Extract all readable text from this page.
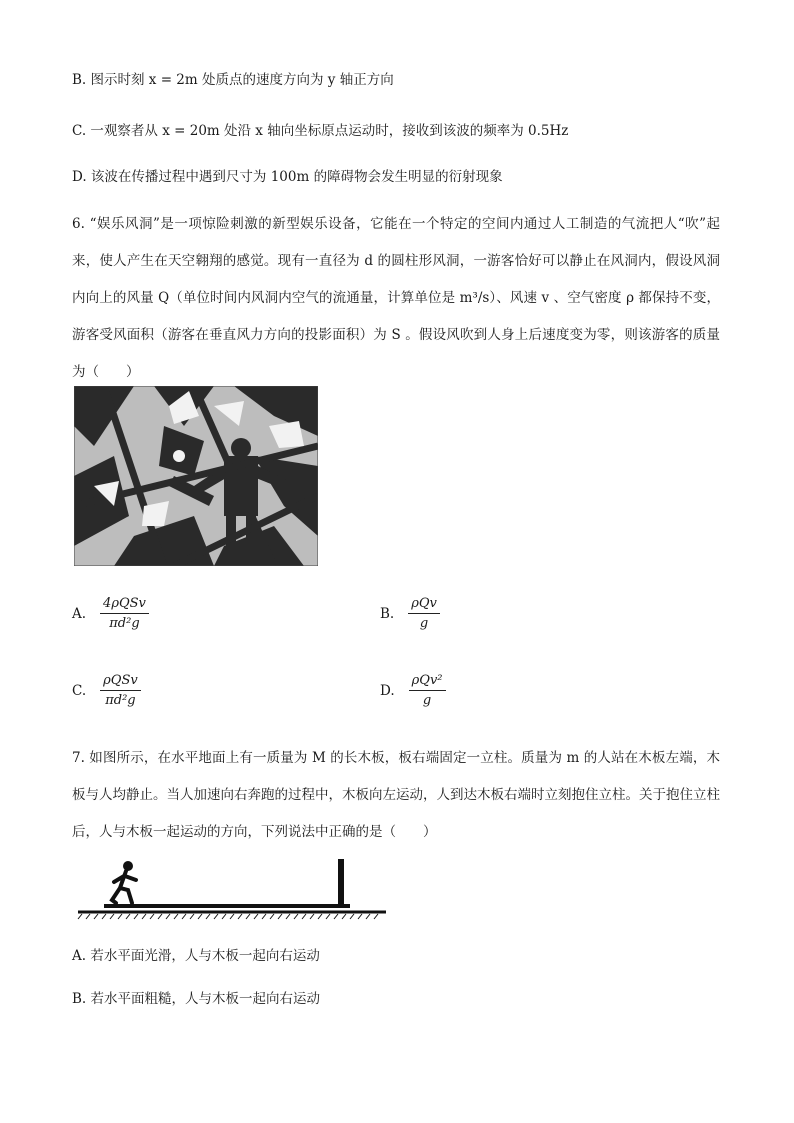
B. 图示时刻 x = 2m 处质点的速度方向为 y 轴正方向
C. 一观察者从 x = 20m 处沿 x 轴向坐标原点运动时，接收到该波的频率为 0.5Hz
D. 该波在传播过程中遇到尺寸为 100m 的障碍物会发生明显的衍射现象
6. “娱乐风洞”是一项惊险刺激的新型娱乐设备，它能在一个特定的空间内通过人工制造的气流把人“吹”起来，使人产生在天空翱翔的感觉。现有一直径为 d 的圆柱形风洞，一游客恰好可以静止在风洞内，假设风洞内向上的风量 Q（单位时间内风洞内空气的流通量，计算单位是 m³/s）、风速 v 、空气密度 ρ 都保持不变，游客受风面积（游客在垂直风力方向的投影面积）为 S 。假设风吹到人身上后速度变为零，则该游客的质量为（　　）
A. $\frac{\text{4ρQSv}}{\text{πd²g}}$	B. $\frac{\text{ρQv}}{g}$
C. $\frac{\text{ρQSv}}{\text{πd²g}}$	D. $\frac{\text{ρQv²}}{g}$
7. 如图所示，在水平地面上有一质量为 M 的长木板，板右端固定一立柱。质量为 m 的人站在木板左端，木板与人均静止。当人加速向右奔跑的过程中，木板向左运动，人到达木板右端时立刻抱住立柱。关于抱住立柱后，人与木板一起运动的方向，下列说法中正确的是（　　）
A. 若水平面光滑，人与木板一起向右运动
B. 若水平面粗糙，人与木板一起向右运动
